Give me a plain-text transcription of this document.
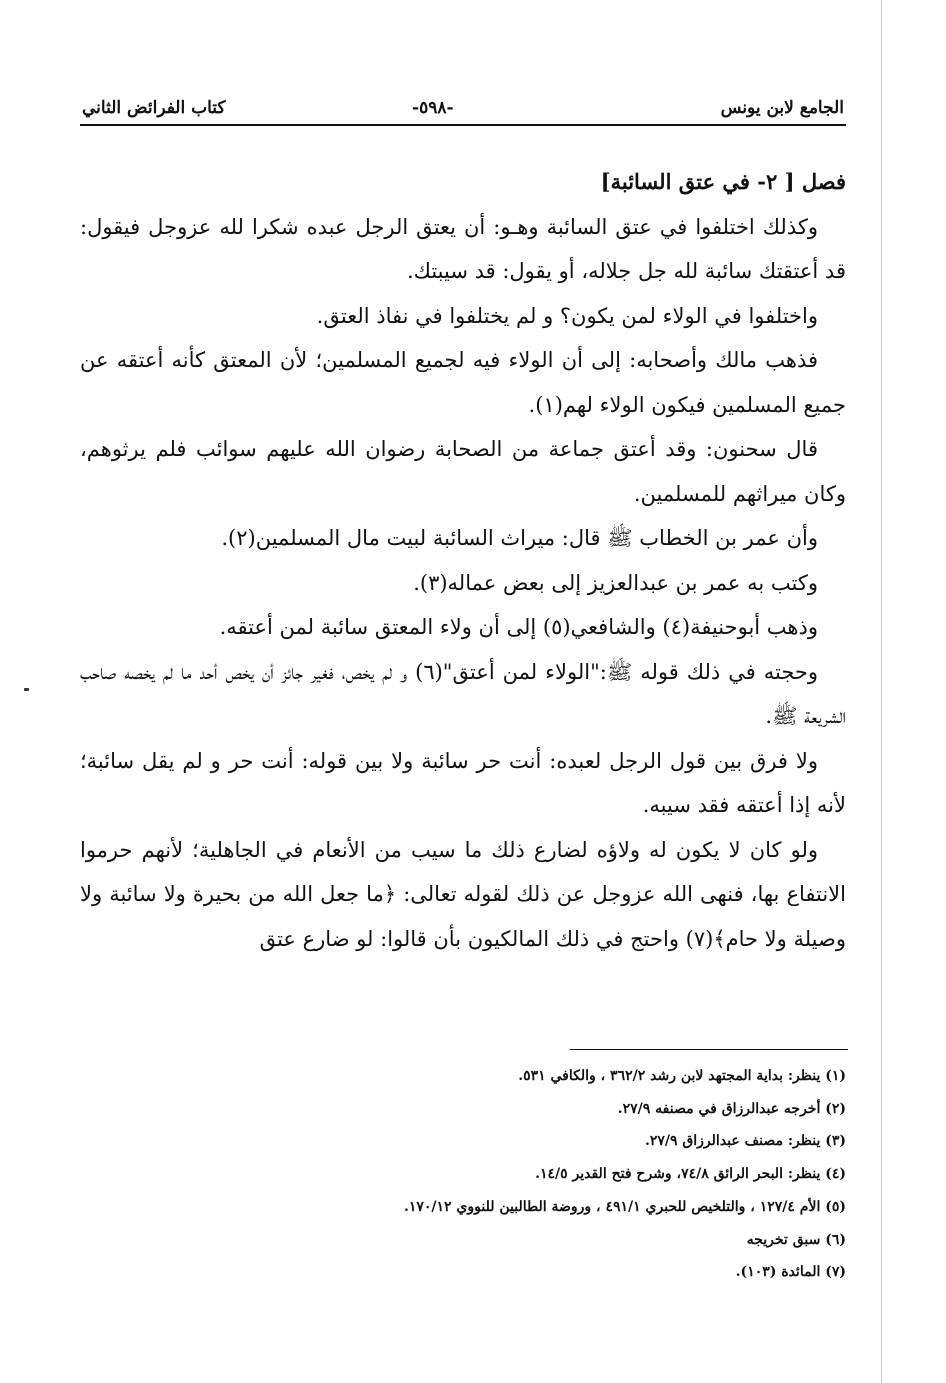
الجامع لابن يونس
-٥٩٨-
كتاب الفرائض الثاني

فصل [ ٢- في عتق السائبة]

وكذلك اختلفوا في عتق السائبة وهـو: أن يعتق الرجل عبده شكرا لله عزوجل فيقول: قد أعتقتك سائبة لله جل جلاله، أو يقول: قد سيبتك.

واختلفوا في الولاء لمن يكون؟ و لم يختلفوا في نفاذ العتق.

فذهب مالك وأصحابه: إلى أن الولاء فيه لجميع المسلمين؛ لأن المعتق كأنه أعتقه عن جميع المسلمين فيكون الولاء لهم(١).

قال سحنون: وقد أعتق جماعة من الصحابة رضوان الله عليهم سوائب فلم يرثوهم، وكان ميراثهم للمسلمين.

وأن عمر بن الخطاب ﷺ قال: ميراث السائبة لبيت مال المسلمين(٢).

وكتب به عمر بن عبدالعزيز إلى بعض عماله(٣).

وذهب أبوحنيفة(٤) والشافعي(٥) إلى أن ولاء المعتق سائبة لمن أعتقه.

وحجته في ذلك قوله ﷺ:"الولاء لمن أعتق"(٦) و لم يخص، فغير جائز أن يخص أحد ما لم يخصه صاحب الشريعة ﷺ.

ولا فرق بين قول الرجل لعبده: أنت حر سائبة ولا بين قوله: أنت حر و لم يقل سائبة؛ لأنه إذا أعتقه فقد سيبه.

ولو كان لا يكون له ولاؤه لضارع ذلك ما سيب من الأنعام في الجاهلية؛ لأنهم حرموا الانتفاع بها، فنهى الله عزوجل عن ذلك لقوله تعالى: ﴿ما جعل الله من بحيرة ولا سائبة ولا وصيلة ولا حام﴾(٧) واحتج في ذلك المالكيون بأن قالوا: لو ضارع عتق

(١) ينظر: بداية المجتهد لابن رشد ٣٦٢/٢ ، والكافي ٥٣١.
(٢) أخرجه عبدالرزاق في مصنفه ٢٧/٩.
(٣) ينظر: مصنف عبدالرزاق ٢٧/٩.
(٤) ينظر: البحر الرائق ٧٤/٨، وشرح فتح القدير ١٤/٥.
(٥) الأم ١٢٧/٤ ، والتلخيص للحبري ٤٩١/١ ، وروضة الطالبين للنووي ١٧٠/١٢.
(٦) سبق تخريجه
(٧) المائدة (١٠٣).
